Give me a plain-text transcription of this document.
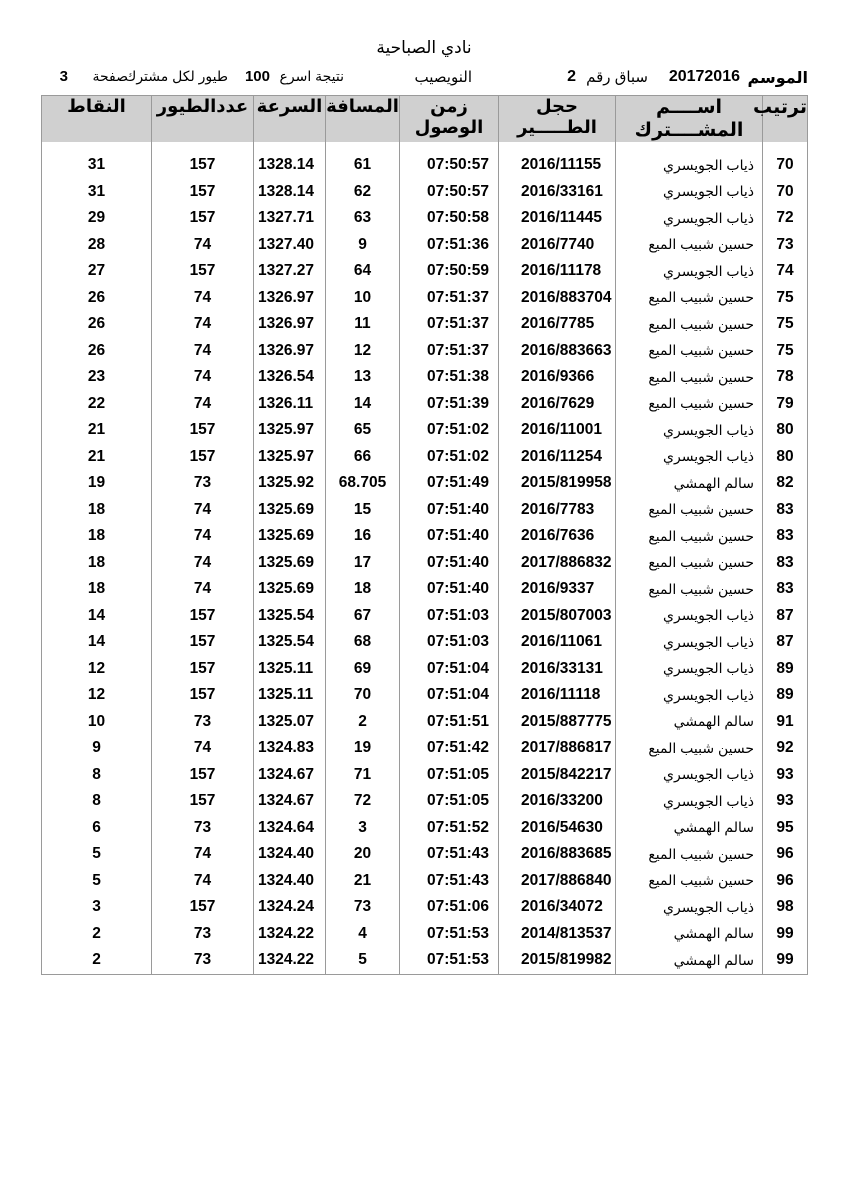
نادي الصباحية
الموسم
20172016
سباق رقم
2
النويصيب
نتيجة اسرع
100
طيور لكل مشترك
صفحة
3
ترتيب	اســــم المشــــترك	حجل الطـــــير	زمن الوصول	المسافة	السرعة	عددالطيور	النقاط

70	ذياب الجويسري	2016/11155	07:50:57	61	1328.14	157	31
70	ذياب الجويسري	2016/33161	07:50:57	62	1328.14	157	31
72	ذياب الجويسري	2016/11445	07:50:58	63	1327.71	157	29
73	حسين شبيب الميع	2016/7740	07:51:36	9	1327.40	74	28
74	ذياب الجويسري	2016/11178	07:50:59	64	1327.27	157	27
75	حسين شبيب الميع	2016/883704	07:51:37	10	1326.97	74	26
75	حسين شبيب الميع	2016/7785	07:51:37	11	1326.97	74	26
75	حسين شبيب الميع	2016/883663	07:51:37	12	1326.97	74	26
78	حسين شبيب الميع	2016/9366	07:51:38	13	1326.54	74	23
79	حسين شبيب الميع	2016/7629	07:51:39	14	1326.11	74	22
80	ذياب الجويسري	2016/11001	07:51:02	65	1325.97	157	21
80	ذياب الجويسري	2016/11254	07:51:02	66	1325.97	157	21
82	سالم الهمشي	2015/819958	07:51:49	68.705	1325.92	73	19
83	حسين شبيب الميع	2016/7783	07:51:40	15	1325.69	74	18
83	حسين شبيب الميع	2016/7636	07:51:40	16	1325.69	74	18
83	حسين شبيب الميع	2017/886832	07:51:40	17	1325.69	74	18
83	حسين شبيب الميع	2016/9337	07:51:40	18	1325.69	74	18
87	ذياب الجويسري	2015/807003	07:51:03	67	1325.54	157	14
87	ذياب الجويسري	2016/11061	07:51:03	68	1325.54	157	14
89	ذياب الجويسري	2016/33131	07:51:04	69	1325.11	157	12
89	ذياب الجويسري	2016/11118	07:51:04	70	1325.11	157	12
91	سالم الهمشي	2015/887775	07:51:51	2	1325.07	73	10
92	حسين شبيب الميع	2017/886817	07:51:42	19	1324.83	74	9
93	ذياب الجويسري	2015/842217	07:51:05	71	1324.67	157	8
93	ذياب الجويسري	2016/33200	07:51:05	72	1324.67	157	8
95	سالم الهمشي	2016/54630	07:51:52	3	1324.64	73	6
96	حسين شبيب الميع	2016/883685	07:51:43	20	1324.40	74	5
96	حسين شبيب الميع	2017/886840	07:51:43	21	1324.40	74	5
98	ذياب الجويسري	2016/34072	07:51:06	73	1324.24	157	3
99	سالم الهمشي	2014/813537	07:51:53	4	1324.22	73	2
99	سالم الهمشي	2015/819982	07:51:53	5	1324.22	73	2
